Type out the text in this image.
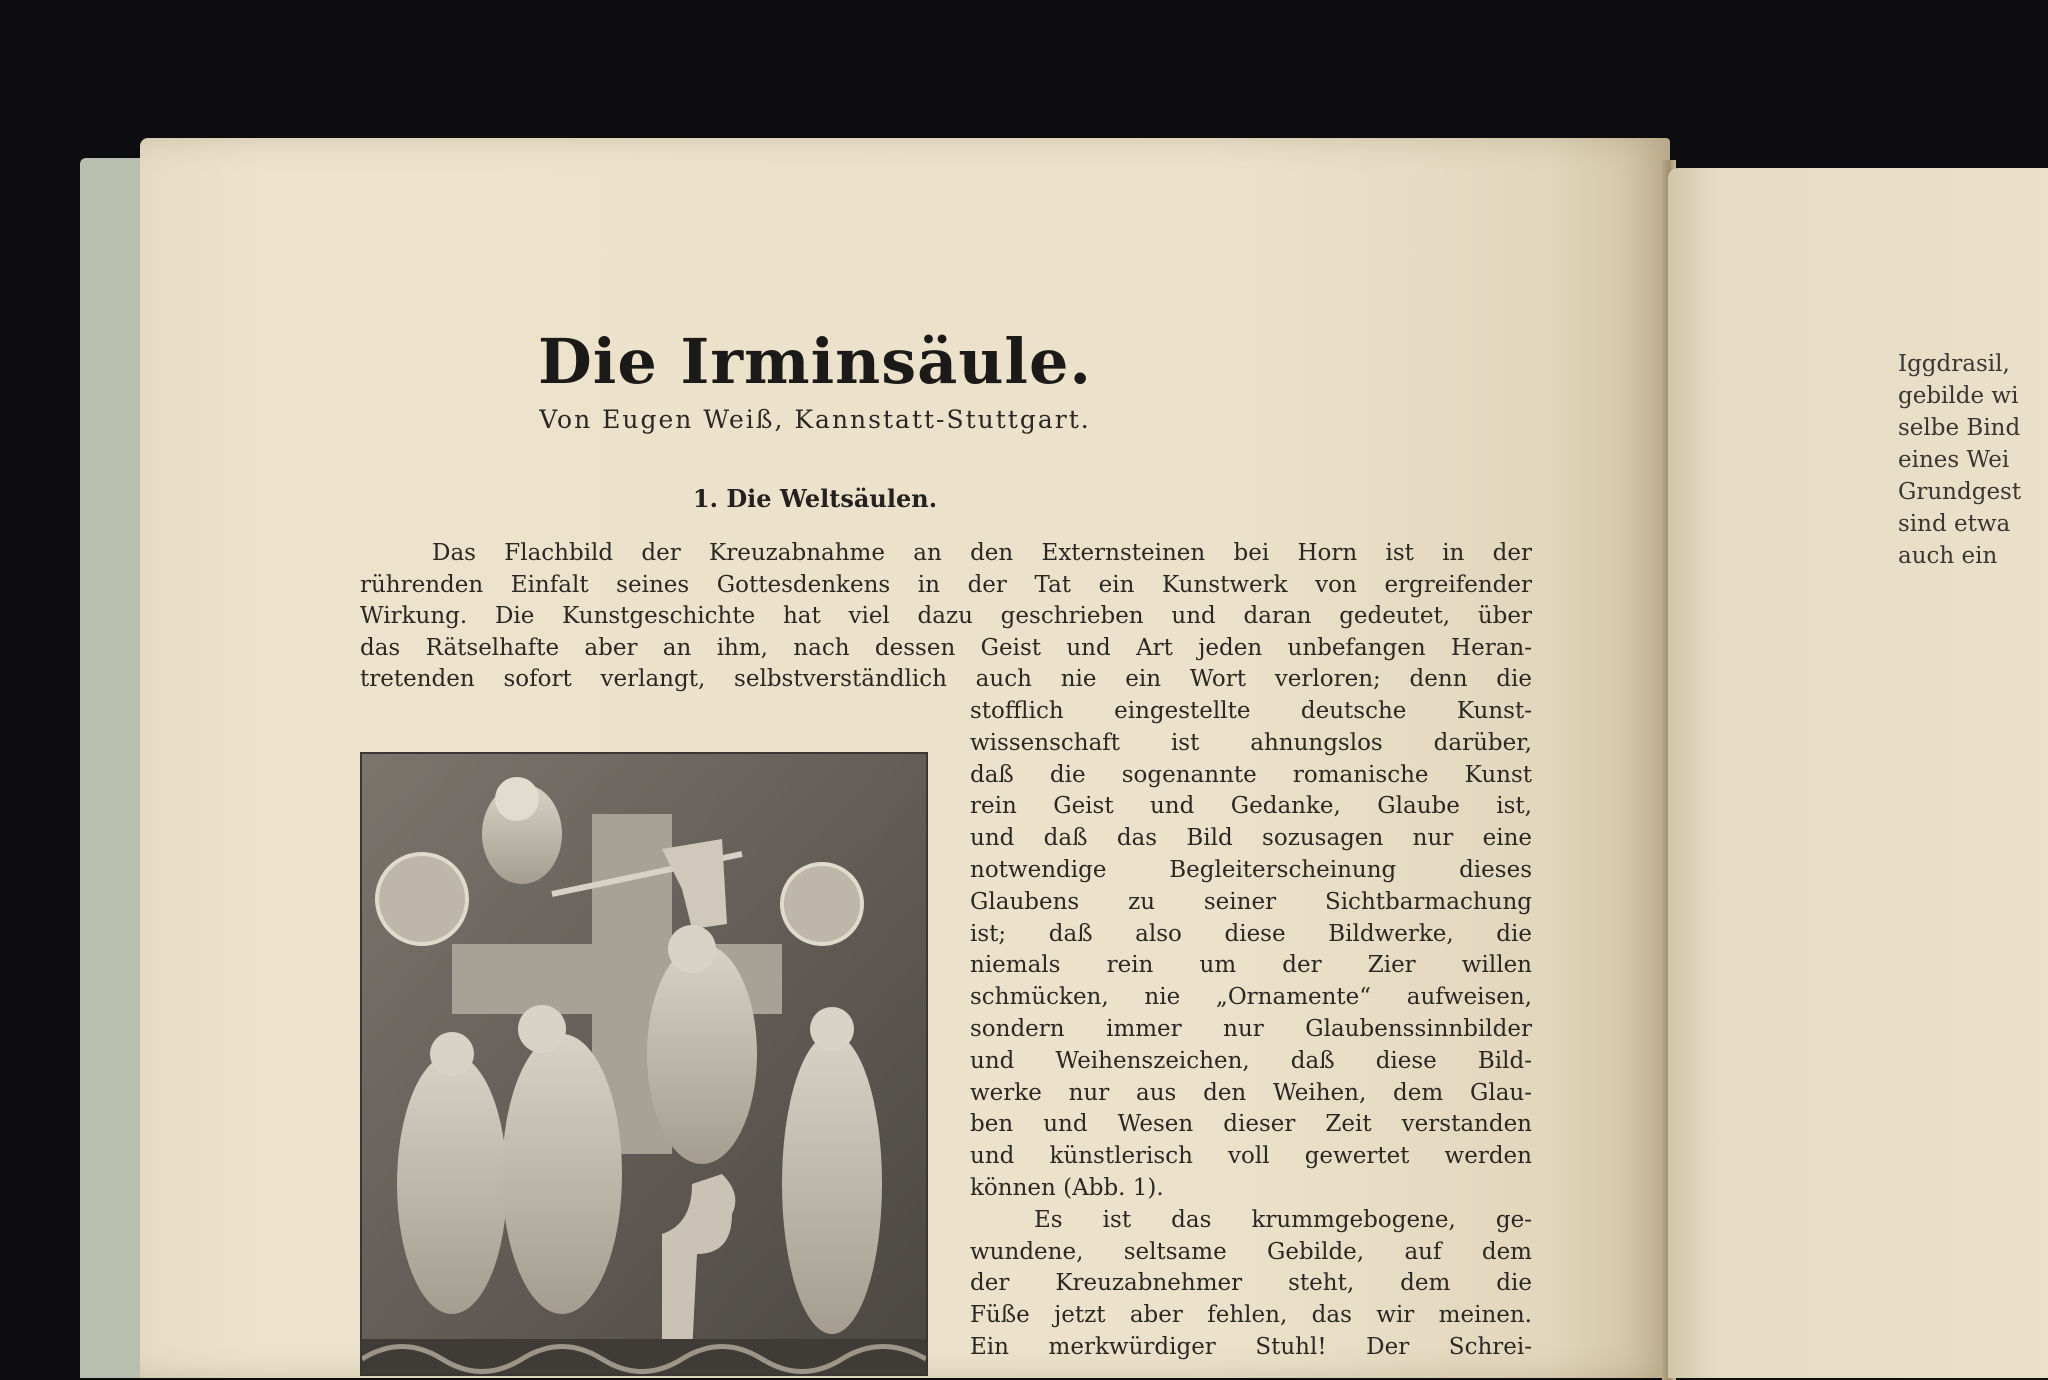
Die Irminsäule.
Von Eugen Weiß, Kannstatt-Stuttgart.
1. Die Weltsäulen.
Das Flachbild der Kreuzabnahme an den Externsteinen bei Horn ist in der
rührenden Einfalt seines Gottesdenkens in der Tat ein Kunstwerk von ergreifender
Wirkung. Die Kunstgeschichte hat viel dazu geschrieben und daran gedeutet, über
das Rätselhafte aber an ihm, nach dessen Geist und Art jeden unbefangen Heran-
tretenden sofort verlangt, selbstverständlich auch nie ein Wort verloren; denn die
stofflich eingestellte deutsche Kunst-
wissenschaft ist ahnungslos darüber,
daß die sogenannte romanische Kunst
rein Geist und Gedanke, Glaube ist,
und daß das Bild sozusagen nur eine
notwendige Begleiterscheinung dieses
Glaubens zu seiner Sichtbarmachung
ist; daß also diese Bildwerke, die
niemals rein um der Zier willen
schmücken, nie „Ornamente“ aufweisen,
sondern immer nur Glaubenssinnbilder
und Weihenszeichen, daß diese Bild-
werke nur aus den Weihen, dem Glau-
ben und Wesen dieser Zeit verstanden
und künstlerisch voll gewertet werden
können (Abb. 1).
Es ist das krummgebogene, ge-
wundene, seltsame Gebilde, auf dem
der Kreuzabnehmer steht, dem die
Füße jetzt aber fehlen, das wir meinen.
Ein merkwürdiger Stuhl! Der Schrei-
Iggdrasil,
gebilde wi
selbe Bind
eines Wei
Grundgest
sind etwa
auch ein
